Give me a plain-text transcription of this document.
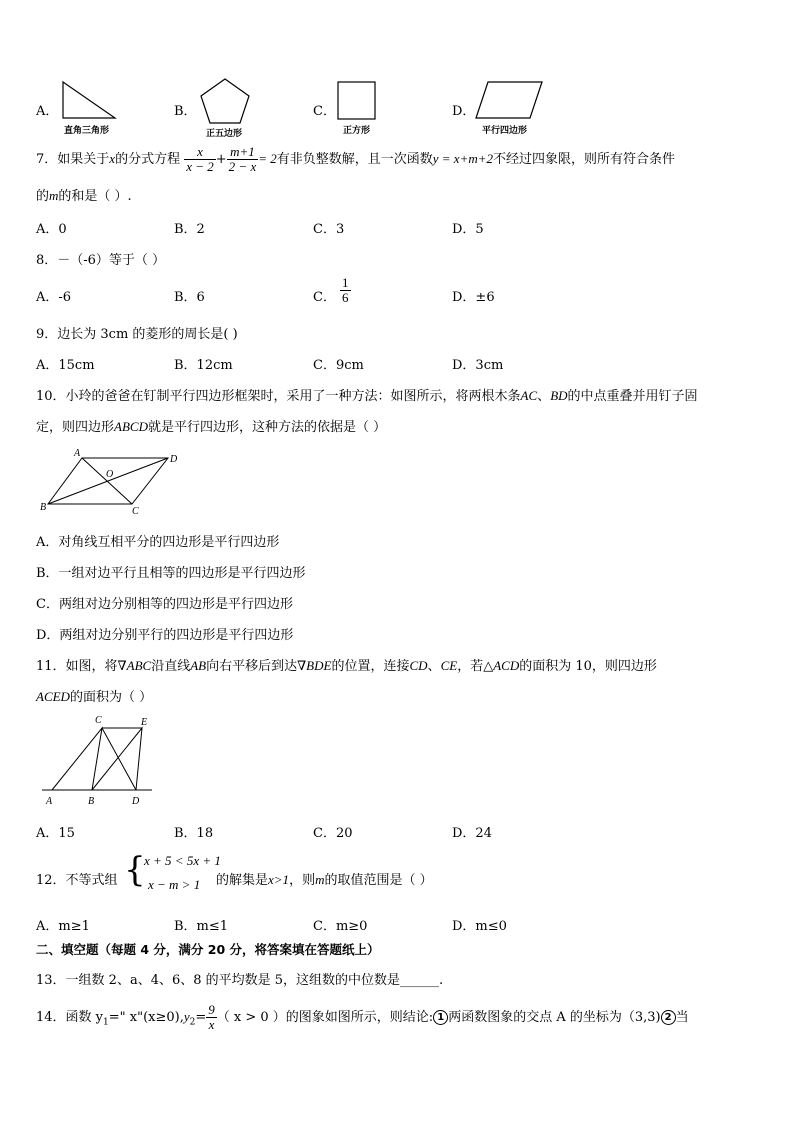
A．
直角三角形
B．
正五边形
C．
正方形
D．
平行四边形
7．如果关于x的分式方程 $\frac{x}{x - 2} + \frac{m+1}{2 - x} = 2$有非负整数解，且一次函数y = x+m+2不经过四象限，则所有符合条件
的m的和是（ ）.
A．0	B．2	C．3	D．5
8．－（-6）等于（ ）
A．-6	B．6	C． $\frac{1}{6}$	D．±6
9．边长为 3cm 的菱形的周长是( )
A．15cm	B．12cm	C．9cm	D．3cm
10．小玲的爸爸在钉制平行四边形框架时，采用了一种方法：如图所示，将两根木条AC、BD的中点重叠并用钉子固
定，则四边形ABCD就是平行四边形，这种方法的依据是（ ）
A
D
O
B	C
A．对角线互相平分的四边形是平行四边形
B．一组对边平行且相等的四边形是平行四边形
C．两组对边分别相等的四边形是平行四边形
D．两组对边分别平行的四边形是平行四边形
11．如图，将∇ABC沿直线AB向右平移后到达∇BDE的位置，连接CD、CE，若△ACD的面积为 10，则四边形
ACED的面积为（ ）
C	E
A	B	D
A．15	B．18	C．20	D．24
12．不等式组 {
x + 5 < 5x + 1
x − m > 1 的解集是x>1，则m的取值范围是（ ）
A．m≥1	B．m≤1	C．m≥0	D．m≤0
二、填空题（每题 4 分，满分 20 分，将答案填在答题纸上）
13．一组数 2、a、4、6、8 的平均数是 5，这组数的中位数是______.
14．函数 $y_1=$" $x"(x\ge 0),y_2= \frac{9}{x}$ （ x > 0 ）的图象如图所示，则结论: 1 两函数图象的交点 A 的坐标为（3,3) 2 当
